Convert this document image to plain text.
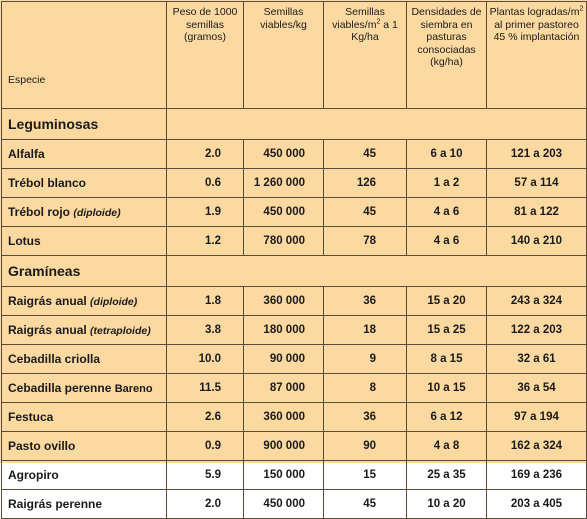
Especie	Peso de 1000 semillas (gramos)	Semillas viables/kg	Semillas viables/$m^2$ a 1 Kg/ha	Densidades de siembra en pasturas consociadas (kg/ha)	Plantas logradas/$m^2$ al primer pastoreo 45 % implantación
Leguminosas					
Alfalfa	2.0	450 000	45	6 a 10	121 a 203
Trébol blanco	0.6	1 260 000	126	1 a 2	57 a 114
Trébol rojo (diploide)	1.9	450 000	45	4 a 6	81 a 122
Lotus	1.2	780 000	78	4 a 6	140 a 210
Gramíneas					
Raigrás anual (diploide)	1.8	360 000	36	15 a 20	243 a 324
Raigrás anual (tetraploide)	3.8	180 000	18	15 a 25	122 a 203
Cebadilla criolla	10.0	90 000	9	8 a 15	32 a 61
Cebadilla perenne Bareno	11.5	87 000	8	10 a 15	36 a 54
Festuca	2.6	360 000	36	6 a 12	97 a 194
Pasto ovillo	0.9	900 000	90	4 a 8	162 a 324
Agropiro	5.9	150 000	15	25 a 35	169 a 236
Raigrás perenne	2.0	450 000	45	10 a 20	203 a 405
